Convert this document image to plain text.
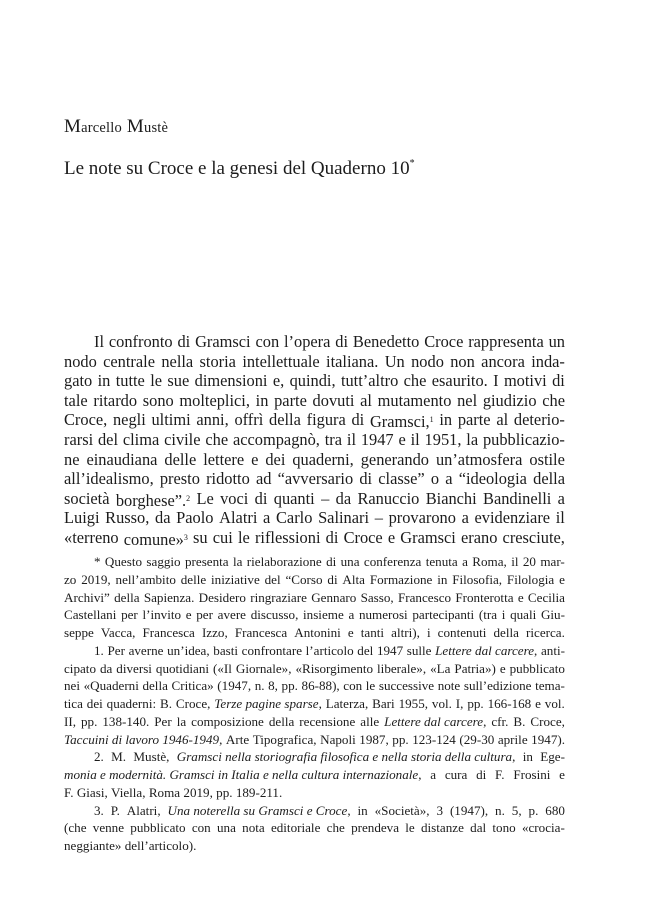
Marcello Mustè
Le note su Croce e la genesi del Quaderno 10*
Il confronto di Gramsci con l’opera di Benedetto Croce rappresenta un
nodo centrale nella storia intellettuale italiana. Un nodo non ancora inda-
gato in tutte le sue dimensioni e, quindi, tutt’altro che esaurito. I motivi di
tale ritardo sono molteplici, in parte dovuti al mutamento nel giudizio che
Croce, negli ultimi anni, offrì della figura di Gramsci,$^1$ in parte al deterio-
rarsi del clima civile che accompagnò, tra il 1947 e il 1951, la pubblicazio-
ne einaudiana delle lettere e dei quaderni, generando un’atmosfera ostile
all’idealismo, presto ridotto ad “avversario di classe” o a “ideologia della
società borghese”.$^2$ Le voci di quanti – da Ranuccio Bianchi Bandinelli a
Luigi Russo, da Paolo Alatri a Carlo Salinari – provarono a evidenziare il
«terreno comune»$^3$ su cui le riflessioni di Croce e Gramsci erano cresciute,
* Questo saggio presenta la rielaborazione di una conferenza tenuta a Roma, il 20 mar-
zo 2019, nell’ambito delle iniziative del “Corso di Alta Formazione in Filosofia, Filologia e
Archivi” della Sapienza. Desidero ringraziare Gennaro Sasso, Francesco Fronterotta e Cecilia
Castellani per l’invito e per avere discusso, insieme a numerosi partecipanti (tra i quali Giu-
seppe Vacca, Francesca Izzo, Francesca Antonini e tanti altri), i contenuti della ricerca.
1. Per averne un’idea, basti confrontare l’articolo del 1947 sulle Lettere dal carcere, anti-
cipato da diversi quotidiani («Il Giornale», «Risorgimento liberale», «La Patria») e pubblicato
nei «Quaderni della Critica» (1947, n. 8, pp. 86-88), con le successive note sull’edizione tema-
tica dei quaderni: B. Croce, Terze pagine sparse, Laterza, Bari 1955, vol. I, pp. 166-168 e vol.
II, pp. 138-140. Per la composizione della recensione alle Lettere dal carcere, cfr. B. Croce,
Taccuini di lavoro 1946-1949, Arte Tipografica, Napoli 1987, pp. 123-124 (29-30 aprile 1947).
2. M. Mustè, Gramsci nella storiografia filosofica e nella storia della cultura, in Ege-
monia e modernità. Gramsci in Italia e nella cultura internazionale, a cura di F. Frosini e
F. Giasi, Viella, Roma 2019, pp. 189-211.
3. P. Alatri, Una noterella su Gramsci e Croce, in «Società», 3 (1947), n. 5, p. 680
(che venne pubblicato con una nota editoriale che prendeva le distanze dal tono «crocia-
neggiante» dell’articolo).
